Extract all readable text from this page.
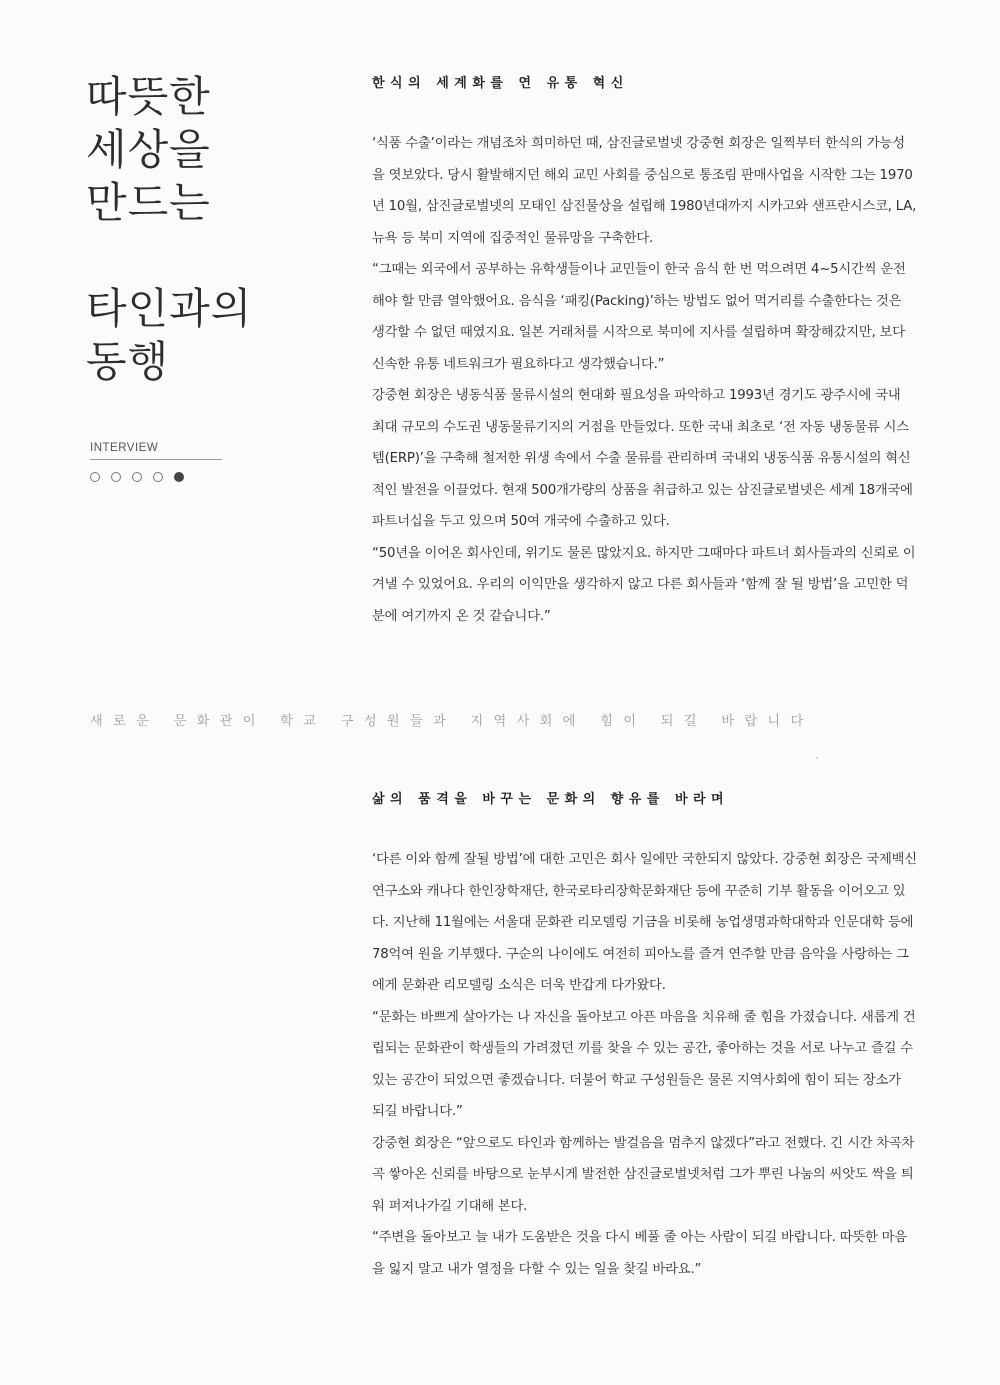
따뜻한
세상을
만드는
타인과의
동행
INTERVIEW
한식의 세계화를 연 유통 혁신

‘식품 수출’이라는 개념조차 희미하던 때, 삼진글로벌넷 강중현 회장은 일찍부터 한식의 가능성을 엿보았다. 당시 활발해지던 해외 교민 사회를 중심으로 통조림 판매사업을 시작한 그는 1970년 10월, 삼진글로벌넷의 모태인 삼진물상을 설립해 1980년대까지 시카고와 샌프란시스코, LA, 뉴욕 등 북미 지역에 집중적인 물류망을 구축한다.

“그때는 외국에서 공부하는 유학생들이나 교민들이 한국 음식 한 번 먹으려면 4~5시간씩 운전해야 할 만큼 열악했어요. 음식을 ‘패킹(Packing)’하는 방법도 없어 먹거리를 수출한다는 것은 생각할 수 없던 때였지요. 일본 거래처를 시작으로 북미에 지사를 설립하며 확장해갔지만, 보다 신속한 유통 네트워크가 필요하다고 생각했습니다.”

강중현 회장은 냉동식품 물류시설의 현대화 필요성을 파악하고 1993년 경기도 광주시에 국내 최대 규모의 수도권 냉동물류기지의 거점을 만들었다. 또한 국내 최초로 ‘전 자동 냉동물류 시스템(ERP)’을 구축해 철저한 위생 속에서 수출 물류를 관리하며 국내외 냉동식품 유통시설의 혁신적인 발전을 이끌었다. 현재 500개가량의 상품을 취급하고 있는 삼진글로벌넷은 세계 18개국에 파트너십을 두고 있으며 50여 개국에 수출하고 있다.

“50년을 이어온 회사인데, 위기도 물론 많았지요. 하지만 그때마다 파트너 회사들과의 신뢰로 이겨낼 수 있었어요. 우리의 이익만을 생각하지 않고 다른 회사들과 ‘함께 잘 될 방법’을 고민한 덕분에 여기까지 온 것 같습니다.”

새로운 문화관이 학교 구성원들과 지역사회에 힘이 되길 바랍니다
삶의 품격을 바꾸는 문화의 향유를 바라며

‘다른 이와 함께 잘될 방법’에 대한 고민은 회사 일에만 국한되지 않았다. 강중현 회장은 국제백신연구소와 캐나다 한인장학재단, 한국로타리장학문화재단 등에 꾸준히 기부 활동을 이어오고 있다. 지난해 11월에는 서울대 문화관 리모델링 기금을 비롯해 농업생명과학대학과 인문대학 등에 78억여 원을 기부했다. 구순의 나이에도 여전히 피아노를 즐겨 연주할 만큼 음악을 사랑하는 그에게 문화관 리모델링 소식은 더욱 반갑게 다가왔다.

“문화는 바쁘게 살아가는 나 자신을 돌아보고 아픈 마음을 치유해 줄 힘을 가졌습니다. 새롭게 건립되는 문화관이 학생들의 가려졌던 끼를 찾을 수 있는 공간, 좋아하는 것을 서로 나누고 즐길 수 있는 공간이 되었으면 좋겠습니다. 더불어 학교 구성원들은 물론 지역사회에 힘이 되는 장소가 되길 바랍니다.”

강중현 회장은 “앞으로도 타인과 함께하는 발걸음을 멈추지 않겠다”라고 전했다. 긴 시간 차곡차곡 쌓아온 신뢰를 바탕으로 눈부시게 발전한 삼진글로벌넷처럼 그가 뿌린 나눔의 씨앗도 싹을 틔워 퍼져나가길 기대해 본다.

“주변을 돌아보고 늘 내가 도움받은 것을 다시 베풀 줄 아는 사람이 되길 바랍니다. 따뜻한 마음을 잃지 말고 내가 열정을 다할 수 있는 일을 찾길 바라요.”
